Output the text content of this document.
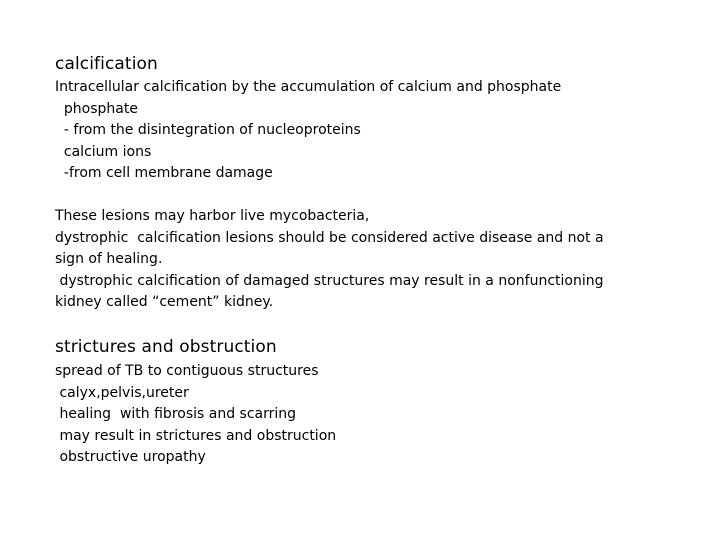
calcification
Intracellular calcification by the accumulation of calcium and phosphate
phosphate
- from the disintegration of nucleoproteins
calcium ions
-from cell membrane damage
These lesions may harbor live mycobacteria,
dystrophic  calcification lesions should be considered active disease and not a
sign of healing.
dystrophic calcification of damaged structures may result in a nonfunctioning
kidney called “cement” kidney.
strictures and obstruction
spread of TB to contiguous structures
calyx,pelvis,ureter
healing  with fibrosis and scarring
may result in strictures and obstruction
obstructive uropathy
